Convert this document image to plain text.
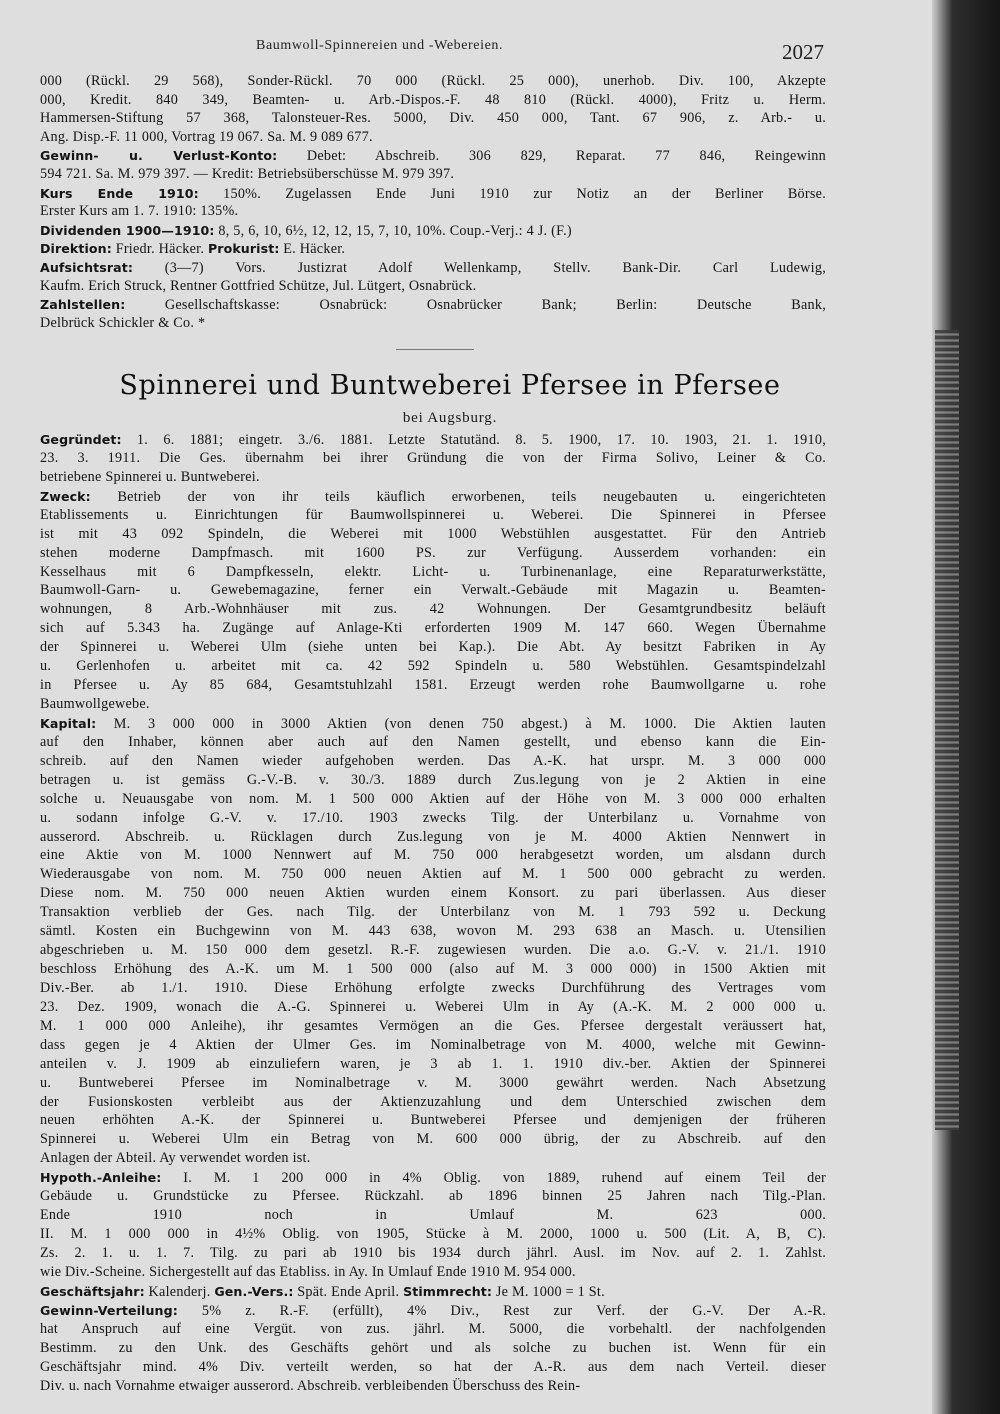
Baumwoll-Spinnereien und -Webereien.	2027
000 (Rückl. 29 568), Sonder-Rückl. 70 000 (Rückl. 25 000), unerhob. Div. 100, Akzepte
000, Kredit. 840 349, Beamten- u. Arb.-Dispos.-F. 48 810 (Rückl. 4000), Fritz u. Herm.
Hammersen-Stiftung 57 368, Talonsteuer-Res. 5000, Div. 450 000, Tant. 67 906, z. Arb.- u.
Ang. Disp.-F. 11 000, Vortrag 19 067. Sa. M. 9 089 677.
Gewinn- u. Verlust-Konto: Debet: Abschreib. 306 829, Reparat. 77 846, Reingewinn
594 721. Sa. M. 979 397. — Kredit: Betriebsüberschüsse M. 979 397.
Kurs Ende 1910: 150%. Zugelassen Ende Juni 1910 zur Notiz an der Berliner Börse.
Erster Kurs am 1. 7. 1910: 135%.
Dividenden 1900—1910: 8, 5, 6, 10, 6½, 12, 12, 15, 7, 10, 10%. Coup.-Verj.: 4 J. (F.)
Direktion: Friedr. Häcker. Prokurist: E. Häcker.
Aufsichtsrat: (3—7) Vors. Justizrat Adolf Wellenkamp, Stellv. Bank-Dir. Carl Ludewig,
Kaufm. Erich Struck, Rentner Gottfried Schütze, Jul. Lütgert, Osnabrück.
Zahlstellen: Gesellschaftskasse: Osnabrück: Osnabrücker Bank; Berlin: Deutsche Bank,
Delbrück Schickler & Co. *
Spinnerei und Buntweberei Pfersee in Pfersee
bei Augsburg.
Gegründet: 1. 6. 1881; eingetr. 3./6. 1881. Letzte Statutänd. 8. 5. 1900, 17. 10. 1903, 21. 1. 1910,
23. 3. 1911. Die Ges. übernahm bei ihrer Gründung die von der Firma Solivo, Leiner & Co.
betriebene Spinnerei u. Buntweberei.
Zweck: Betrieb der von ihr teils käuflich erworbenen, teils neugebauten u. eingerichteten
Etablissements u. Einrichtungen für Baumwollspinnerei u. Weberei. Die Spinnerei in Pfersee
ist mit 43 092 Spindeln, die Weberei mit 1000 Webstühlen ausgestattet. Für den Antrieb
stehen moderne Dampfmasch. mit 1600 PS. zur Verfügung. Ausserdem vorhanden: ein
Kesselhaus mit 6 Dampfkesseln, elektr. Licht- u. Turbinenanlage, eine Reparaturwerkstätte,
Baumwoll-Garn- u. Gewebemagazine, ferner ein Verwalt.-Gebäude mit Magazin u. Beamten-
wohnungen, 8 Arb.-Wohnhäuser mit zus. 42 Wohnungen. Der Gesamtgrundbesitz beläuft
sich auf 5.343 ha. Zugänge auf Anlage-Kti erforderten 1909 M. 147 660. Wegen Übernahme
der Spinnerei u. Weberei Ulm (siehe unten bei Kap.). Die Abt. Ay besitzt Fabriken in Ay
u. Gerlenhofen u. arbeitet mit ca. 42 592 Spindeln u. 580 Webstühlen. Gesamtspindelzahl
in Pfersee u. Ay 85 684, Gesamtstuhlzahl 1581. Erzeugt werden rohe Baumwollgarne u. rohe
Baumwollgewebe.
Kapital: M. 3 000 000 in 3000 Aktien (von denen 750 abgest.) à M. 1000. Die Aktien lauten
auf den Inhaber, können aber auch auf den Namen gestellt, und ebenso kann die Ein-
schreib. auf den Namen wieder aufgehoben werden. Das A.-K. hat urspr. M. 3 000 000
betragen u. ist gemäss G.-V.-B. v. 30./3. 1889 durch Zus.legung von je 2 Aktien in eine
solche u. Neuausgabe von nom. M. 1 500 000 Aktien auf der Höhe von M. 3 000 000 erhalten
u. sodann infolge G.-V. v. 17./10. 1903 zwecks Tilg. der Unterbilanz u. Vornahme von
ausserord. Abschreib. u. Rücklagen durch Zus.legung von je M. 4000 Aktien Nennwert in
eine Aktie von M. 1000 Nennwert auf M. 750 000 herabgesetzt worden, um alsdann durch
Wiederausgabe von nom. M. 750 000 neuen Aktien auf M. 1 500 000 gebracht zu werden.
Diese nom. M. 750 000 neuen Aktien wurden einem Konsort. zu pari überlassen. Aus dieser
Transaktion verblieb der Ges. nach Tilg. der Unterbilanz von M. 1 793 592 u. Deckung
sämtl. Kosten ein Buchgewinn von M. 443 638, wovon M. 293 638 an Masch. u. Utensilien
abgeschrieben u. M. 150 000 dem gesetzl. R.-F. zugewiesen wurden. Die a.o. G.-V. v. 21./1. 1910
beschloss Erhöhung des A.-K. um M. 1 500 000 (also auf M. 3 000 000) in 1500 Aktien mit
Div.-Ber. ab 1./1. 1910. Diese Erhöhung erfolgte zwecks Durchführung des Vertrages vom
23. Dez. 1909, wonach die A.-G. Spinnerei u. Weberei Ulm in Ay (A.-K. M. 2 000 000 u.
M. 1 000 000 Anleihe), ihr gesamtes Vermögen an die Ges. Pfersee dergestalt veräussert hat,
dass gegen je 4 Aktien der Ulmer Ges. im Nominalbetrage von M. 4000, welche mit Gewinn-
anteilen v. J. 1909 ab einzuliefern waren, je 3 ab 1. 1. 1910 div.-ber. Aktien der Spinnerei
u. Buntweberei Pfersee im Nominalbetrage v. M. 3000 gewährt werden. Nach Absetzung
der Fusionskosten verbleibt aus der Aktienzuzahlung und dem Unterschied zwischen dem
neuen erhöhten A.-K. der Spinnerei u. Buntweberei Pfersee und demjenigen der früheren
Spinnerei u. Weberei Ulm ein Betrag von M. 600 000 übrig, der zu Abschreib. auf den
Anlagen der Abteil. Ay verwendet worden ist.
Hypoth.-Anleihe: I. M. 1 200 000 in 4% Oblig. von 1889, ruhend auf einem Teil der
Gebäude u. Grundstücke zu Pfersee. Rückzahl. ab 1896 binnen 25 Jahren nach Tilg.-Plan.
Ende 1910 noch in Umlauf M. 623 000.
II. M. 1 000 000 in 4½% Oblig. von 1905, Stücke à M. 2000, 1000 u. 500 (Lit. A, B, C).
Zs. 2. 1. u. 1. 7. Tilg. zu pari ab 1910 bis 1934 durch jährl. Ausl. im Nov. auf 2. 1. Zahlst.
wie Div.-Scheine. Sichergestellt auf das Etabliss. in Ay. In Umlauf Ende 1910 M. 954 000.
Geschäftsjahr: Kalenderj. Gen.-Vers.: Spät. Ende April. Stimmrecht: Je M. 1000 = 1 St.
Gewinn-Verteilung: 5% z. R.-F. (erfüllt), 4% Div., Rest zur Verf. der G.-V. Der A.-R.
hat Anspruch auf eine Vergüt. von zus. jährl. M. 5000, die vorbehaltl. der nachfolgenden
Bestimm. zu den Unk. des Geschäfts gehört und als solche zu buchen ist. Wenn für ein
Geschäftsjahr mind. 4% Div. verteilt werden, so hat der A.-R. aus dem nach Verteil. dieser
Div. u. nach Vornahme etwaiger ausserord. Abschreib. verbleibenden Überschuss des Rein-
